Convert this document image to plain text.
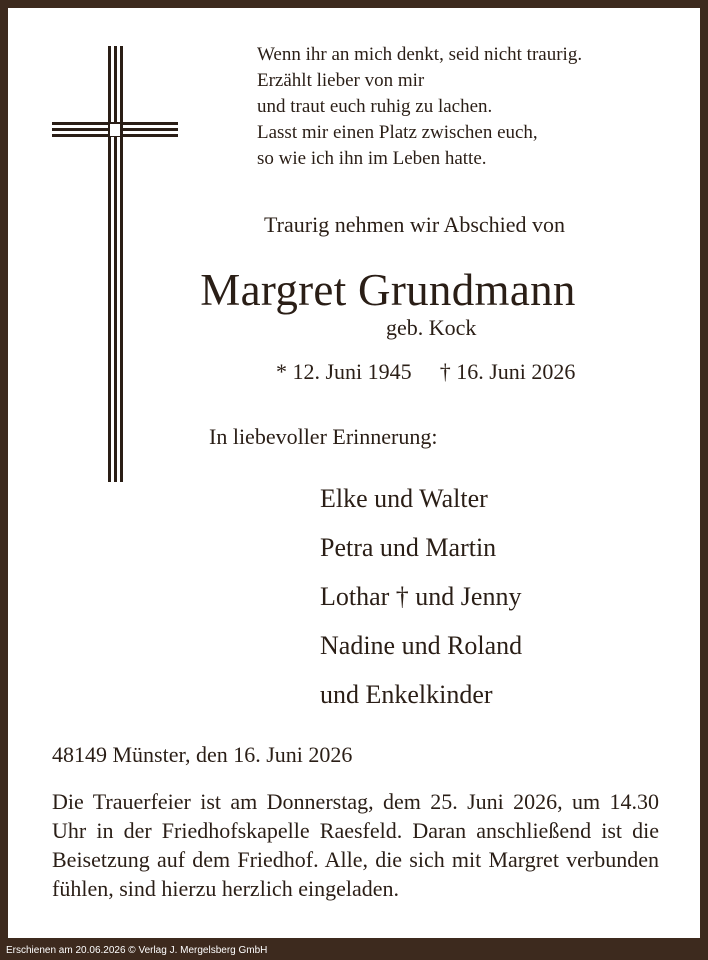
Wenn ihr an mich denkt, seid nicht traurig.
Erzählt lieber von mir
und traut euch ruhig zu lachen.
Lasst mir einen Platz zwischen euch,
so wie ich ihn im Leben hatte.
Traurig nehmen wir Abschied von
Margret Grundmann
geb. Kock
* 12. Juni 1945 † 16. Juni 2026
In liebevoller Erinnerung:
Elke und Walter
Petra und Martin
Lothar † und Jenny
Nadine und Roland
und Enkelkinder
48149 Münster, den 16. Juni 2026
Die Trauerfeier ist am Donnerstag, dem 25. Juni 2026, um 14.30 Uhr in der Friedhofskapelle Raesfeld. Daran anschließend ist die Beisetzung auf dem Friedhof. Alle, die sich mit Margret verbunden fühlen, sind hierzu herzlich eingeladen.
Erschienen am 20.06.2026 © Verlag J. Mergelsberg GmbH
